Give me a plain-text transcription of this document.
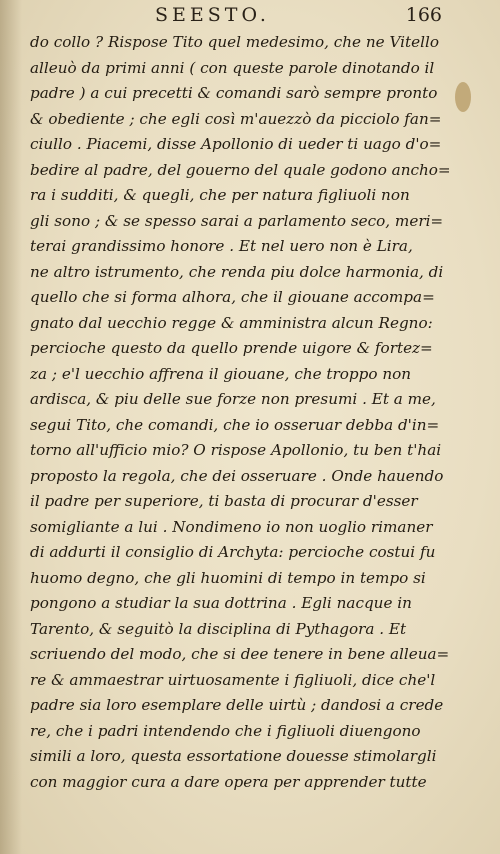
SEESTO.	166
do collo ? Rispose Tito quel medesimo, che ne Vitello
alleuò da primi anni ( con queste parole dinotando il
padre ) a cui precetti & comandi sarò sempre pronto
& obediente ; che egli così m'auezzò da picciolo fan=
ciullo . Piacemi, disse Apollonio di ueder ti uago d'o=
bedire al padre, del gouerno del quale godono ancho=
ra i sudditi, & quegli, che per natura figliuoli non
gli sono ; & se spesso sarai a parlamento seco, meri=
terai grandissimo honore . Et nel uero non è Lira,
ne altro istrumento, che renda piu dolce harmonia, di
quello che si forma alhora, che il giouane accompa=
gnato dal uecchio regge & amministra alcun Regno:
percioche questo da quello prende uigore & fortez=
za ; e'l uecchio affrena il giouane, che troppo non
ardisca, & piu delle sue forze non presumi . Et a me,
segui Tito, che comandi, che io osseruar debba d'in=
torno all'ufficio mio? O rispose Apollonio, tu ben t'hai
proposto la regola, che dei osseruare . Onde hauendo
il padre per superiore, ti basta di procurar d'esser
somigliante a lui . Nondimeno io non uoglio rimaner
di addurti il consiglio di Archyta: percioche costui fu
huomo degno, che gli huomini di tempo in tempo si
pongono a studiar la sua dottrina . Egli nacque in
Tarento, & seguitò la disciplina di Pythagora . Et
scriuendo del modo, che si dee tenere in bene alleua=
re & ammaestrar uirtuosamente i figliuoli, dice che'l
padre sia loro esemplare delle uirtù ; dandosi a crede
re, che i padri intendendo che i figliuoli diuengono
simili a loro, questa essortatione douesse stimolargli
con maggior cura a dare opera per apprender tutte
